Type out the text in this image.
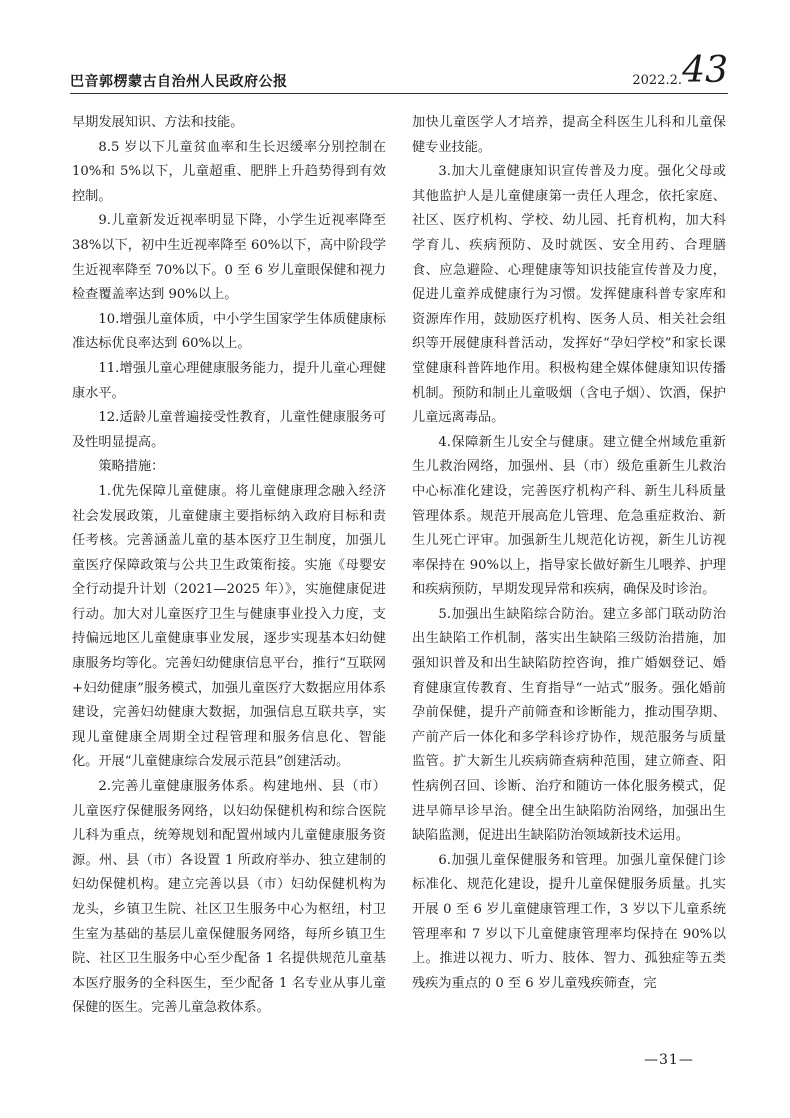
巴音郭楞蒙古自治州人民政府公报	2022.2. 43

早期发展知识、方法和技能。

8.5 岁以下儿童贫血率和生长迟缓率分别控制在 10%和 5%以下，儿童超重、肥胖上升趋势得到有效控制。

9.儿童新发近视率明显下降，小学生近视率降至 38%以下，初中生近视率降至 60%以下，高中阶段学生近视率降至 70%以下。0 至 6 岁儿童眼保健和视力检查覆盖率达到 90%以上。

10.增强儿童体质，中小学生国家学生体质健康标准达标优良率达到 60%以上。

11.增强儿童心理健康服务能力，提升儿童心理健康水平。

12.适龄儿童普遍接受性教育，儿童性健康服务可及性明显提高。

策略措施：

1.优先保障儿童健康。将儿童健康理念融入经济社会发展政策，儿童健康主要指标纳入政府目标和责任考核。完善涵盖儿童的基本医疗卫生制度，加强儿童医疗保障政策与公共卫生政策衔接。实施《母婴安全行动提升计划（2021—2025 年）》，实施健康促进行动。加大对儿童医疗卫生与健康事业投入力度，支持偏远地区儿童健康事业发展，逐步实现基本妇幼健康服务均等化。完善妇幼健康信息平台，推行“互联网+妇幼健康”服务模式，加强儿童医疗大数据应用体系建设，完善妇幼健康大数据，加强信息互联共享，实现儿童健康全周期全过程管理和服务信息化、智能化。开展“儿童健康综合发展示范县”创建活动。

2.完善儿童健康服务体系。构建地州、县（市）儿童医疗保健服务网络，以妇幼保健机构和综合医院儿科为重点，统筹规划和配置州域内儿童健康服务资源。州、县（市）各设置 1 所政府举办、独立建制的妇幼保健机构。建立完善以县（市）妇幼保健机构为龙头，乡镇卫生院、社区卫生服务中心为枢纽，村卫生室为基础的基层儿童保健服务网络，每所乡镇卫生院、社区卫生服务中心至少配备 1 名提供规范儿童基本医疗服务的全科医生，至少配备 1 名专业从事儿童保健的医生。完善儿童急救体系。

加快儿童医学人才培养，提高全科医生儿科和儿童保健专业技能。

3.加大儿童健康知识宣传普及力度。强化父母或其他监护人是儿童健康第一责任人理念，依托家庭、社区、医疗机构、学校、幼儿园、托育机构，加大科学育儿、疾病预防、及时就医、安全用药、合理膳食、应急避险、心理健康等知识技能宣传普及力度，促进儿童养成健康行为习惯。发挥健康科普专家库和资源库作用，鼓励医疗机构、医务人员、相关社会组织等开展健康科普活动，发挥好“孕妇学校”和家长课堂健康科普阵地作用。积极构建全媒体健康知识传播机制。预防和制止儿童吸烟（含电子烟）、饮酒，保护儿童远离毒品。

4.保障新生儿安全与健康。建立健全州域危重新生儿救治网络，加强州、县（市）级危重新生儿救治中心标准化建设，完善医疗机构产科、新生儿科质量管理体系。规范开展高危儿管理、危急重症救治、新生儿死亡评审。加强新生儿规范化访视，新生儿访视率保持在 90%以上，指导家长做好新生儿喂养、护理和疾病预防，早期发现异常和疾病，确保及时诊治。

5.加强出生缺陷综合防治。建立多部门联动防治出生缺陷工作机制，落实出生缺陷三级防治措施，加强知识普及和出生缺陷防控咨询，推广婚姻登记、婚育健康宣传教育、生育指导“一站式”服务。强化婚前孕前保健，提升产前筛查和诊断能力，推动围孕期、产前产后一体化和多学科诊疗协作，规范服务与质量监管。扩大新生儿疾病筛查病种范围，建立筛查、阳性病例召回、诊断、治疗和随访一体化服务模式，促进早筛早诊早治。健全出生缺陷防治网络，加强出生缺陷监测，促进出生缺陷防治领域新技术运用。

6.加强儿童保健服务和管理。加强儿童保健门诊标准化、规范化建设，提升儿童保健服务质量。扎实开展 0 至 6 岁儿童健康管理工作，3 岁以下儿童系统管理率和 7 岁以下儿童健康管理率均保持在 90%以上。推进以视力、听力、肢体、智力、孤独症等五类残疾为重点的 0 至 6 岁儿童残疾筛查，完

—31—
